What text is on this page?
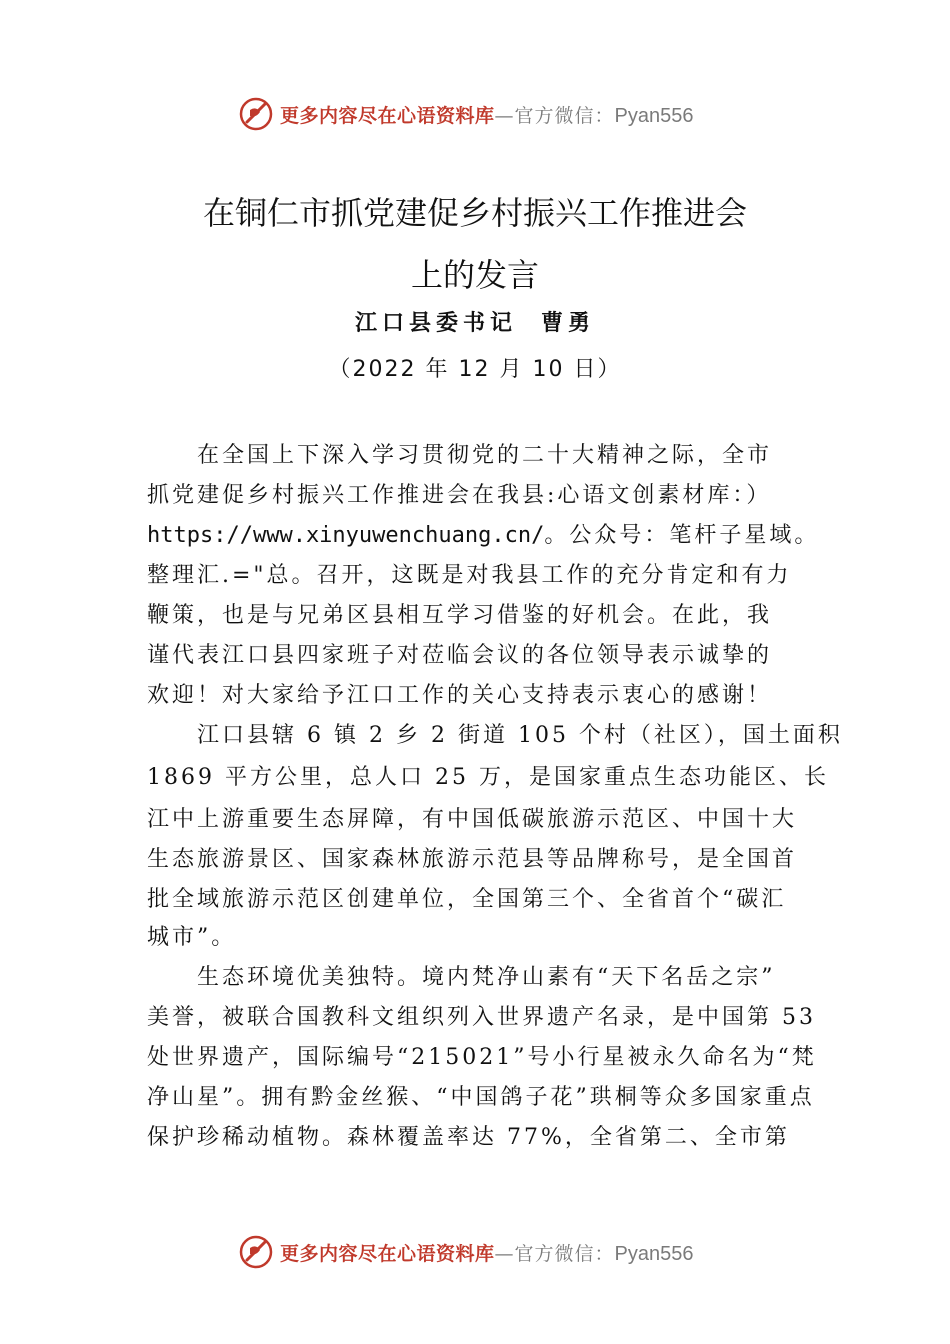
更多内容尽在心语资料库—官方微信：Pyan556
在铜仁市抓党建促乡村振兴工作推进会
上的发言
江口县委书记 曹勇
（2022 年 12 月 10 日）
在全国上下深入学习贯彻党的二十大精神之际，全市
抓党建促乡村振兴工作推进会在我县:心语文创素材库：）
https://www.xinyuwenchuang.cn/。公众号：笔杆子星域。
整理汇.="总。召开，这既是对我县工作的充分肯定和有力
鞭策，也是与兄弟区县相互学习借鉴的好机会。在此，我
谨代表江口县四家班子对莅临会议的各位领导表示诚挚的
欢迎！对大家给予江口工作的关心支持表示衷心的感谢！
江口县辖 6 镇 2 乡 2 街道 105 个村（社区），国土面积
1869 平方公里，总人口 25 万，是国家重点生态功能区、长
江中上游重要生态屏障，有中国低碳旅游示范区、中国十大
生态旅游景区、国家森林旅游示范县等品牌称号，是全国首
批全域旅游示范区创建单位，全国第三个、全省首个“碳汇
城市”。
生态环境优美独特。境内梵净山素有“天下名岳之宗”
美誉，被联合国教科文组织列入世界遗产名录，是中国第 53
处世界遗产，国际编号“215021”号小行星被永久命名为“梵
净山星”。拥有黔金丝猴、“中国鸽子花”珙桐等众多国家重点
保护珍稀动植物。森林覆盖率达 77%，全省第二、全市第
更多内容尽在心语资料库—官方微信：Pyan556
